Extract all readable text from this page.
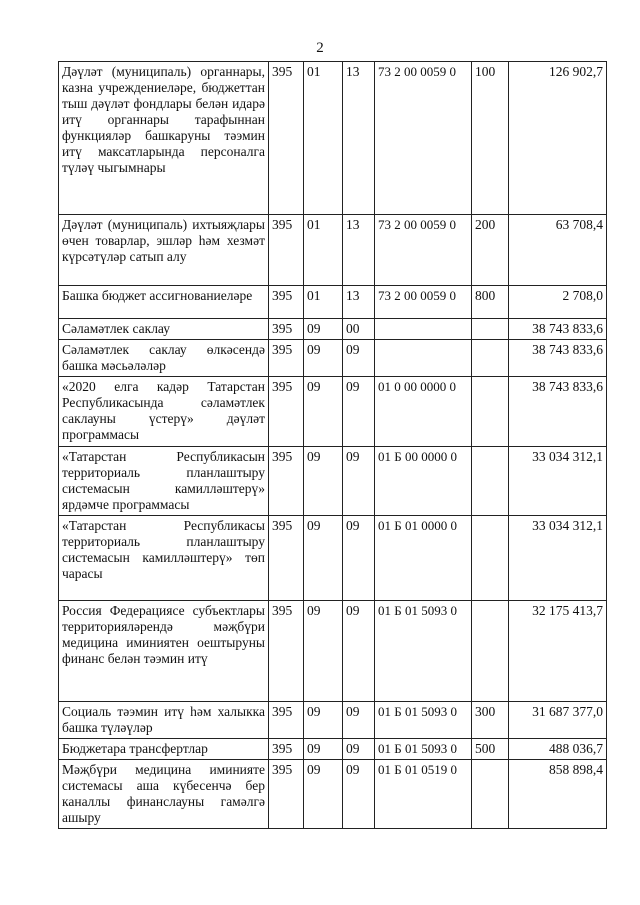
2
Дәүләт (муниципаль) органнары, казна учреждениеләре, бюджеттан тыш дәүләт фондлары белән идарә итү органнары тарафыннан функцияләр башкаруны тәэмин итү максатларында персоналга түләү чыгымнары	395	01	13	73 2 00 0059 0	100	126 902,7
Дәүләт (муниципаль) ихтыяҗлары өчен товарлар, эшләр һәм хезмәт күрсәтүләр сатып алу	395	01	13	73 2 00 0059 0	200	63 708,4
Башка бюджет ассигнованиеләре	395	01	13	73 2 00 0059 0	800	2 708,0
Сәламәтлек саклау	395	09	00			38 743 833,6
Сәламәтлек саклау өлкәсендә башка мәсьәләләр	395	09	09			38 743 833,6
«2020 елга кадәр Татарстан Республикасында сәламәтлек саклауны үстерү» дәүләт программасы	395	09	09	01 0 00 0000 0		38 743 833,6
«Татарстан Республикасын территориаль планлаштыру системасын камилләштерү» ярдәмче программасы	395	09	09	01 Б 00 0000 0		33 034 312,1
«Татарстан Республикасы территориаль планлаштыру системасын камилләштерү» төп чарасы	395	09	09	01 Б 01 0000 0		33 034 312,1
Россия Федерациясе субъектлары территорияләрендә мәҗбүри медицина иминиятен оештыруны финанс белән тәэмин итү	395	09	09	01 Б 01 5093 0		32 175 413,7
Социаль тәэмин итү һәм халыкка башка түләүләр	395	09	09	01 Б 01 5093 0	300	31 687 377,0
Бюджетара трансфертлар	395	09	09	01 Б 01 5093 0	500	488 036,7
Мәҗбүри медицина иминияте системасы аша күбесенчә бер каналлы финанслауны гамәлгә ашыру	395	09	09	01 Б 01 0519 0		858 898,4
